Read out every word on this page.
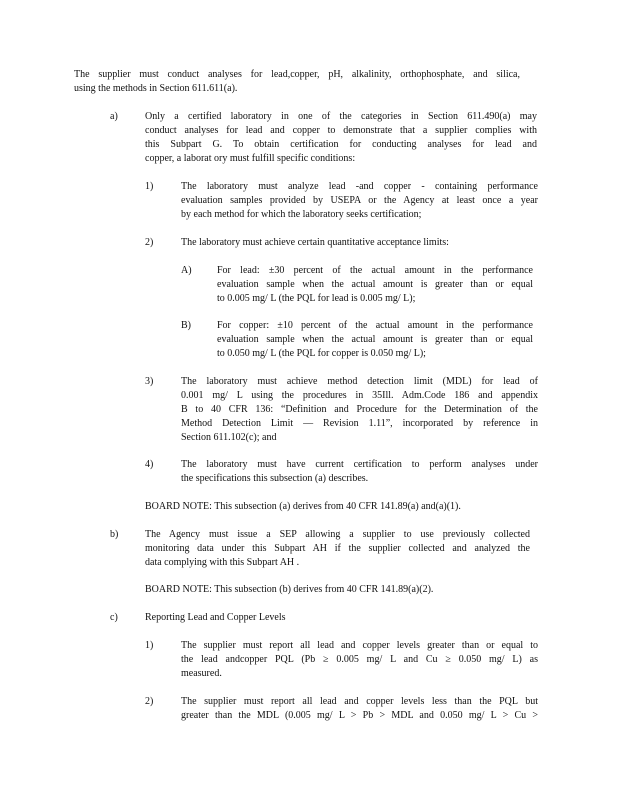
The supplier must conduct analyses for lead,copper, pH, alkalinity, orthophosphate, and silica,
using the methods in Section 611.611(a).
a)	Only a certified laboratory in one of the categories in Section 611.490(a) may
conduct analyses for lead and copper to demonstrate that a supplier complies with
this Subpart G. To obtain certification for conducting analyses for lead and
copper, a laborat ory must fulfill specific conditions:
1)	The laboratory must analyze lead -and copper - containing performance
evaluation samples provided by USEPA or the Agency at least once a year
by each method for which the laboratory seeks certification;
2)	The laboratory must achieve certain quantitative acceptance limits:
A)	For lead: ±30 percent of the actual amount in the performance
evaluation sample when the actual amount is greater than or equal
to 0.005 mg/ L (the PQL for lead is 0.005 mg/ L);
B)	For copper: ±10 percent of the actual amount in the performance
evaluation sample when the actual amount is greater than or equal
to 0.050 mg/ L (the PQL for copper is 0.050 mg/ L);
3)	The laboratory must achieve method detection limit (MDL) for lead of
0.001 mg/ L using the procedures in 35Ill. Adm.Code 186 and appendix
B to 40 CFR 136: “Definition and Procedure for the Determination of the
Method Detection Limit — Revision 1.11”, incorporated by reference in
Section 611.102(c); and
4)	The laboratory must have current certification to perform analyses under
the specifications this subsection (a) describes.
BOARD NOTE: This subsection (a) derives from 40 CFR 141.89(a) and(a)(1).
b)	The Agency must issue a SEP allowing a supplier to use previously collected
monitoring data under this Subpart AH if the supplier collected and analyzed the
data complying with this Subpart AH .
BOARD NOTE: This subsection (b) derives from 40 CFR 141.89(a)(2).
c)	Reporting Lead and Copper Levels
1)	The supplier must report all lead and copper levels greater than or equal to
the lead andcopper PQL (Pb ≥ 0.005 mg/ L and Cu ≥ 0.050 mg/ L) as
measured.
2)	The supplier must report all lead and copper levels less than the PQL but
greater than the MDL (0.005 mg/ L > Pb > MDL and 0.050 mg/ L > Cu >
